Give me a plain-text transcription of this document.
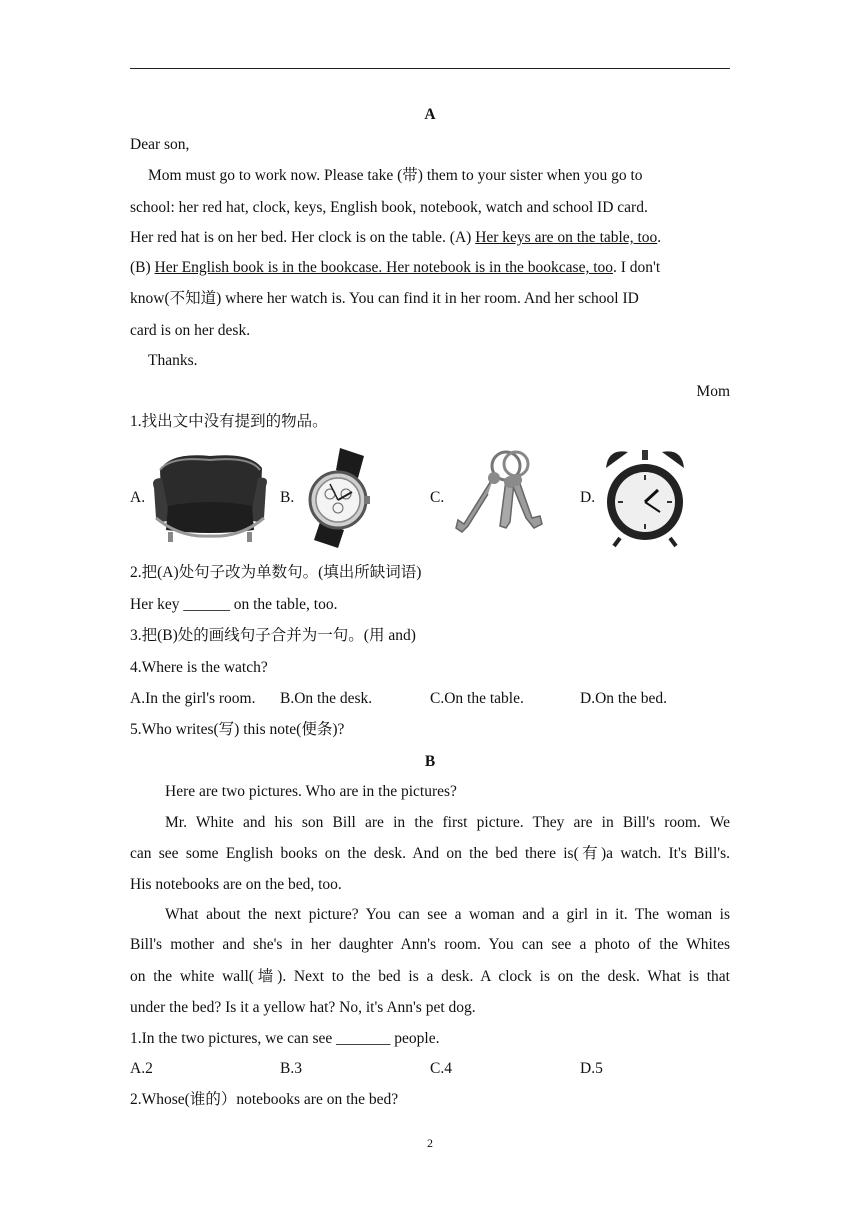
A
Dear son,
Mom must go to work now. Please take (带) them to your sister when you go to
school: her red hat, clock, keys, English book, notebook, watch and school ID card.
Her red hat is on her bed. Her clock is on the table. (A) Her keys are on the table, too.
(B) Her English book is in the bookcase. Her notebook is in the bookcase, too. I don't
know(不知道) where her watch is. You can find it in her room. And her school ID
card is on her desk.
Thanks.
Mom
1.找出文中没有提到的物品。
A.	B.	C.	D.
2.把(A)处句子改为单数句。(填出所缺词语)
Her key ______ on the table, too.
3.把(B)处的画线句子合并为一句。(用 and)
4.Where is the watch?
A.In the girl's room. B.On the desk.	C.On the table.	D.On the bed.
5.Who writes(写) this note(便条)?
B
Here are two pictures. Who are in the pictures?
Mr. White and his son Bill are in the first picture. They are in Bill's room. We
can see some English books on the desk. And on the bed there is(有)a watch. It's Bill's.
His notebooks are on the bed, too.
What about the next picture? You can see a woman and a girl in it. The woman is
Bill's mother and she's in her daughter Ann's room. You can see a photo of the Whites
on the white wall(墙). Next to the bed is a desk. A clock is on the desk. What is that
under the bed? Is it a yellow hat? No, it's Ann's pet dog.
1.In the two pictures, we can see _______ people.
A.2	B.3	C.4	D.5
2.Whose(谁的）notebooks are on the bed?
2
